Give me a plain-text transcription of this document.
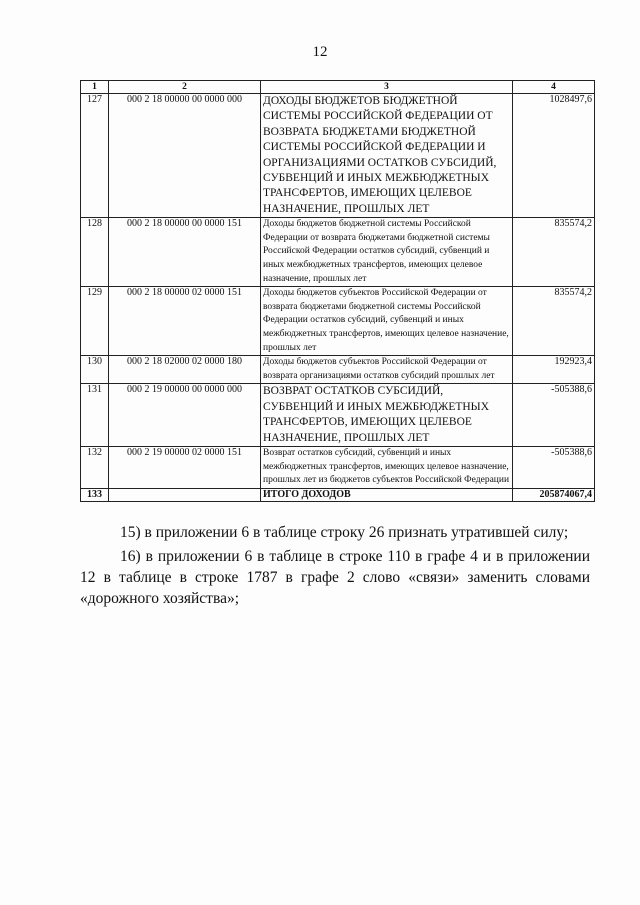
12
1	2	3	4
127	000 2 18 00000 00 0000 000	ДОХОДЫ БЮДЖЕТОВ БЮДЖЕТНОЙ СИСТЕМЫ РОССИЙСКОЙ ФЕДЕРАЦИИ ОТ ВОЗВРАТА БЮДЖЕТАМИ БЮДЖЕТНОЙ СИСТЕМЫ РОССИЙСКОЙ ФЕДЕРАЦИИ И ОРГАНИЗАЦИЯМИ ОСТАТКОВ СУБСИДИЙ, СУБВЕНЦИЙ И ИНЫХ МЕЖБЮДЖЕТНЫХ ТРАНСФЕРТОВ, ИМЕЮЩИХ ЦЕЛЕВОЕ НАЗНАЧЕНИЕ, ПРОШЛЫХ ЛЕТ	1028497,6
128	000 2 18 00000 00 0000 151	Доходы бюджетов бюджетной системы Российской Федерации от возврата бюджетами бюджетной системы Российской Федерации остатков субсидий, субвенций и иных межбюджетных трансфертов, имеющих целевое назначение, прошлых лет	835574,2
129	000 2 18 00000 02 0000 151	Доходы бюджетов субъектов Российской Федерации от возврата бюджетами бюджетной системы Российской Федерации остатков субсидий, субвенций и иных межбюджетных трансфертов, имеющих целевое назначение, прошлых лет	835574,2
130	000 2 18 02000 02 0000 180	Доходы бюджетов субъектов Российской Федерации от возврата организациями остатков субсидий прошлых лет	192923,4
131	000 2 19 00000 00 0000 000	ВОЗВРАТ ОСТАТКОВ СУБСИДИЙ, СУБВЕНЦИЙ И ИНЫХ МЕЖБЮДЖЕТНЫХ ТРАНСФЕРТОВ, ИМЕЮЩИХ ЦЕЛЕВОЕ НАЗНАЧЕНИЕ, ПРОШЛЫХ ЛЕТ	-505388,6
132	000 2 19 00000 02 0000 151	Возврат остатков субсидий, субвенций и иных межбюджетных трансфертов, имеющих целевое назначение, прошлых лет из бюджетов субъектов Российской Федерации	-505388,6
133		ИТОГО ДОХОДОВ	205874067,4
15) в приложении 6 в таблице строку 26 признать утратившей силу;
16) в приложении 6 в таблице в строке 110 в графе 4 и в приложении 12 в таблице в строке 1787 в графе 2 слово «связи» заменить словами «дорожного хозяйства»;
